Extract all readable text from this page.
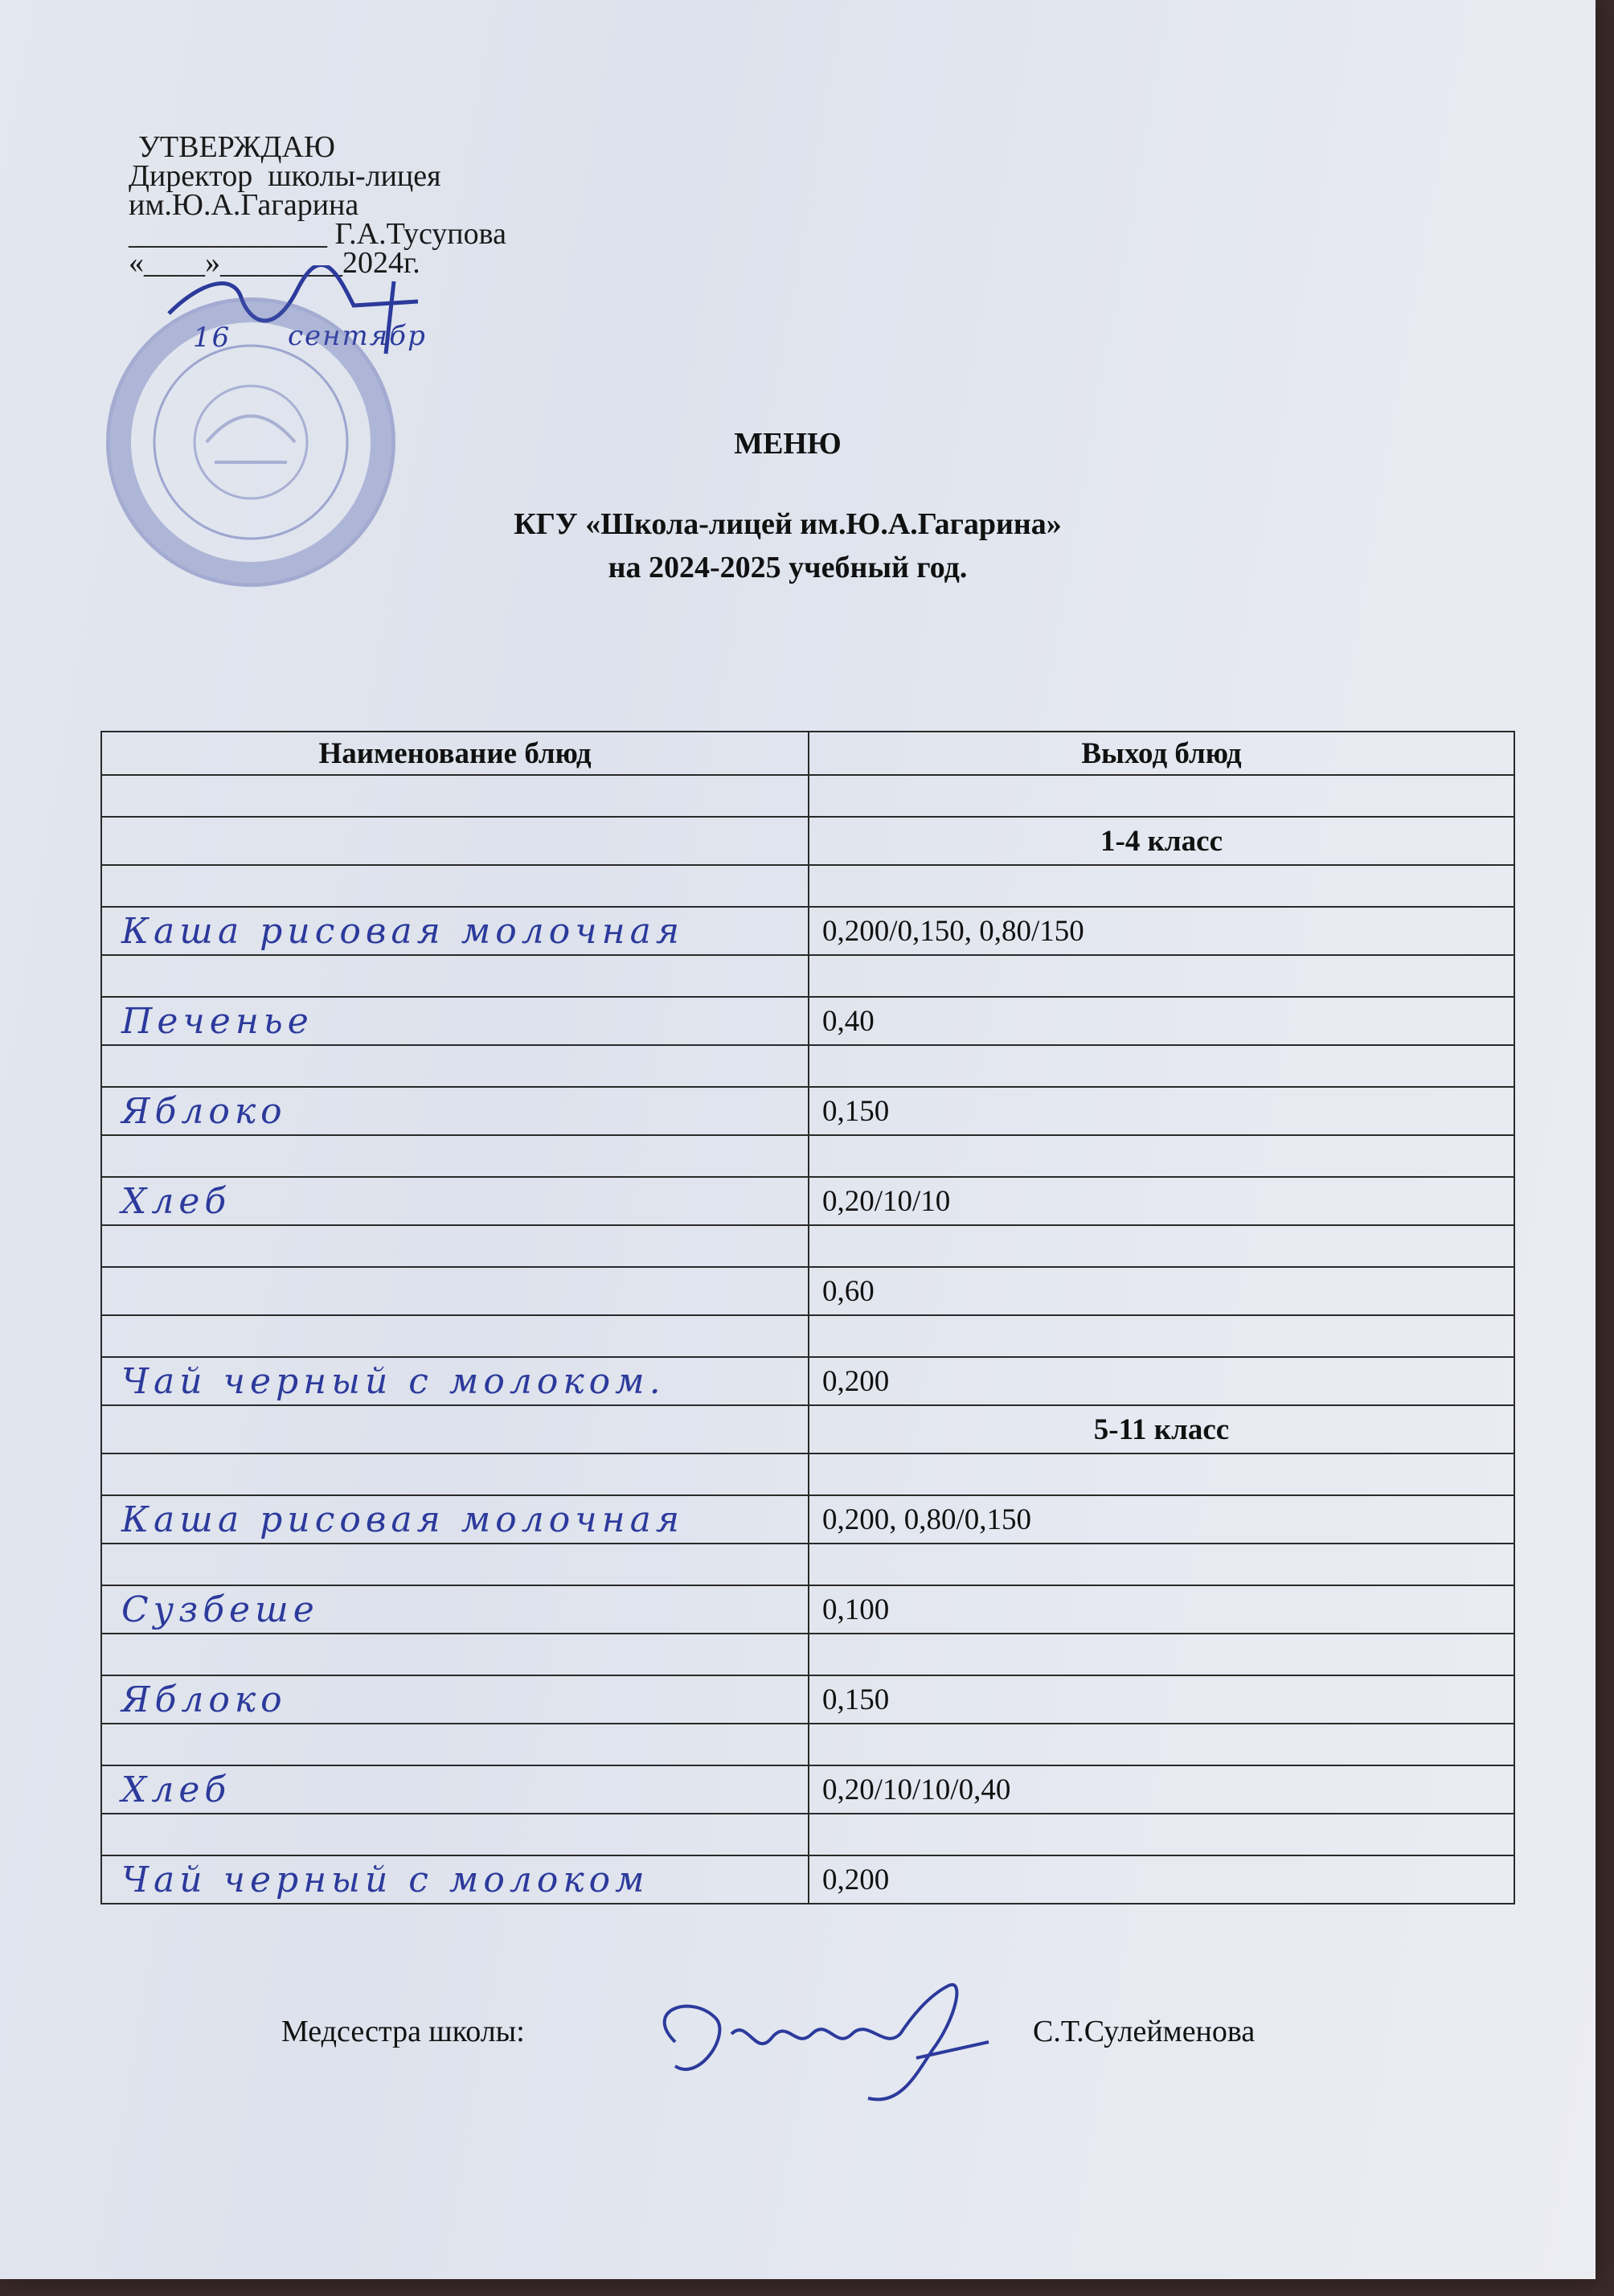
УТВЕРЖДАЮ
Директор  школы-лицея
им.Ю.А.Гагарина
_____________ Г.А.Тусупова
«____»________2024г.
16 сентябр
МЕНЮ
КГУ «Школа-лицей им.Ю.А.Гагарина»
на 2024-2025 учебный год.
Наименование блюд	Выход блюд

	1-4 класс

Каша рисовая молочная	0,200/0,150, 0,80/150

Печенье	0,40

Яблоко	0,150

Хлеб	0,20/10/10

	0,60

Чай черный с молоком.	0,200
	5-11 класс

Каша рисовая молочная	0,200, 0,80/0,150

Сузбеше	0,100

Яблоко	0,150

Хлеб	0,20/10/10/0,40

Чай черный с молоком	0,200
Медсестра школы:	С.Т.Сулейменова
